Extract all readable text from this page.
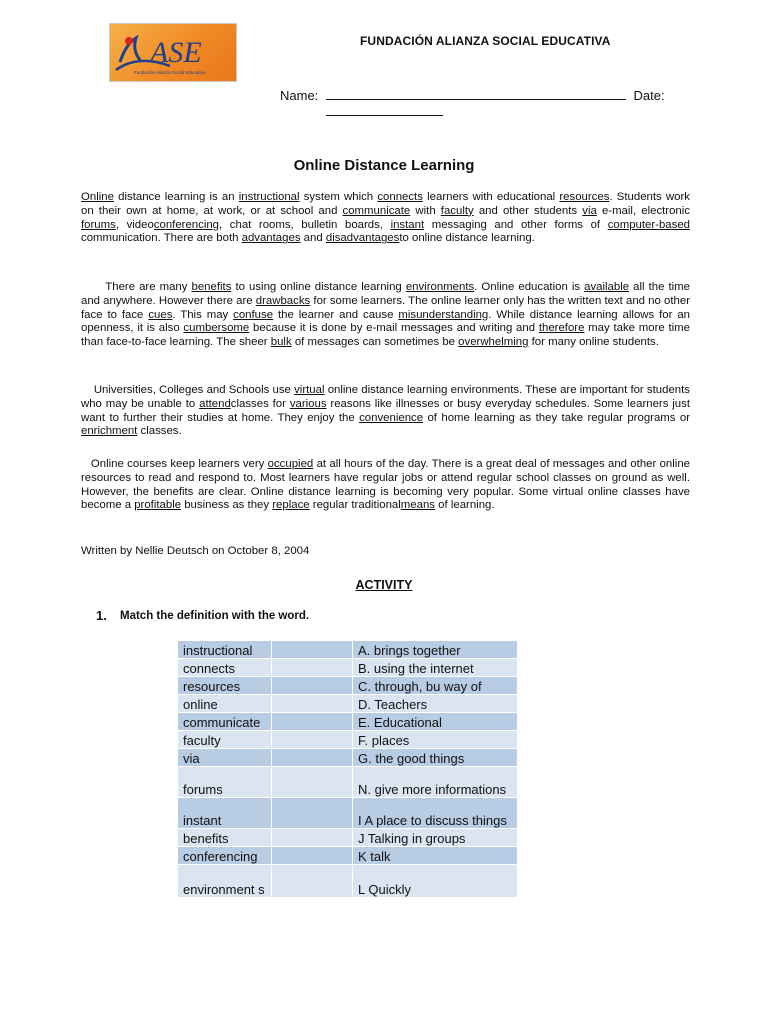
ASE
Fundación Alianza Social Educativa
FUNDACIÓN ALIANZA SOCIAL EDUCATIVA
Name:	Date:
Online Distance Learning
Online distance learning is an instructional system which connects learners with educational resources. Students work on their own at home, at work, or at school and communicate with faculty and other students via e-mail, electronic forums, videoconferencing, chat rooms, bulletin boards, instant messaging and other forms of computer-based communication. There are both advantages and disadvantagesto online distance learning.
There are many benefits to using online distance learning environments. Online education is available all the time and anywhere. However there are drawbacks for some learners. The online learner only has the written text and no other face to face cues. This may confuse the learner and cause misunderstanding. While distance learning allows for an openness, it is also cumbersome because it is done by e-mail messages and writing and therefore may take more time than face-to-face learning. The sheer bulk of messages can sometimes be overwhelming for many online students.
Universities, Colleges and Schools use virtual online distance learning environments. These are important for students who may be unable to attendclasses for various reasons like illnesses or busy everyday schedules. Some learners just want to further their studies at home. They enjoy the convenience of home learning as they take regular programs or enrichment classes.
Online courses keep learners very occupied at all hours of the day. There is a great deal of messages and other online resources to read and respond to. Most learners have regular jobs or attend regular school classes on ground as well. However, the benefits are clear. Online distance learning is becoming very popular. Some virtual online classes have become a profitable business as they replace regular traditionalmeans of learning.
Written by Nellie Deutsch on October 8, 2004
ACTIVITY
1. Match the definition with the word.
instructional		A. brings together
connects		B. using the internet
resources		C. through, bu way of
online		D. Teachers
communicate		E. Educational
faculty		F. places
via		G. the good things
forums		N. give more informations
instant		I A place to discuss things
benefits		J Talking in groups
conferencing		K talk
environment s		L Quickly
